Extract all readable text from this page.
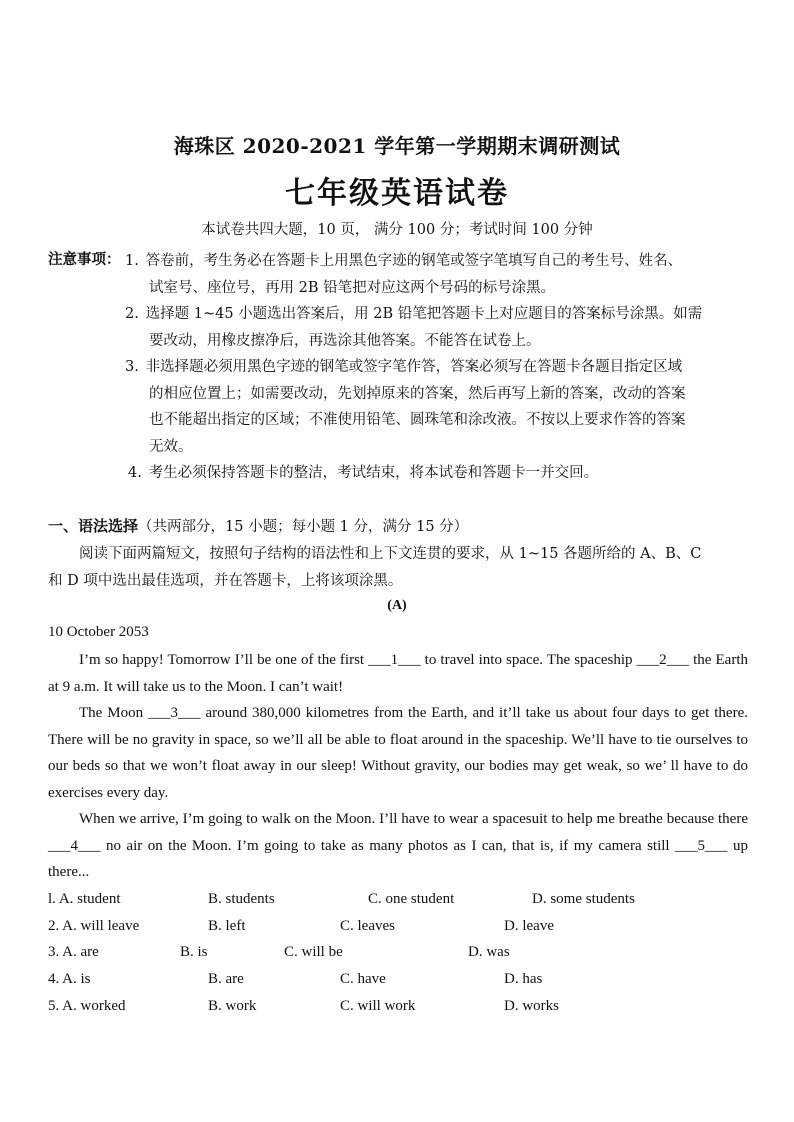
海珠区 2020-2021 学年第一学期期末调研测试
七年级英语试卷
本试卷共四大题，10 页， 满分 100 分；考试时间 100 分钟
注意事项： 1. 答卷前，考生务必在答题卡上用黑色字迹的钢笔或签字笔填写自己的考生号、姓名、
试室号、座位号，再用 2B 铅笔把对应这两个号码的标号涂黑。
2. 选择题 1~45 小题选出答案后，用 2B 铅笔把答题卡上对应题目的答案标号涂黑。如需
要改动，用橡皮擦净后，再选涂其他答案。不能答在试卷上。
3. 非选择题必须用黑色字迹的钢笔或签字笔作答，答案必须写在答题卡各题目指定区域
的相应位置上；如需要改动，先划掉原来的答案，然后再写上新的答案，改动的答案
也不能超出指定的区域；不准使用铅笔、圆珠笔和涂改液。不按以上要求作答的答案
无效。
4. 考生必须保持答题卡的整洁，考试结束，将本试卷和答题卡一并交回。
一、语法选择（共两部分，15 小题；每小题 1 分，满分 15 分）
阅读下面两篇短文，按照句子结构的语法性和上下文连贯的要求，从 1~15 各题所给的 A、B、C
和 D 项中选出最佳选项，并在答题卡，上将该项涂黑。
(A)
10 October 2053
I’m so happy! Tomorrow I’ll be one of the first ___1___ to travel into space. The spaceship ___2___ the Earth at 9 a.m. It will take us to the Moon. I can’t wait!
The Moon ___3___ around 380,000 kilometres from the Earth, and it’ll take us about four days to get there. There will be no gravity in space, so we’ll all be able to float around in the spaceship. We’ll have to tie ourselves to our beds so that we won’t float away in our sleep! Without gravity, our bodies may get weak, so we’ ll have to do exercises every day.
When we arrive, I’m going to walk on the Moon. I’ll have to wear a spacesuit to help me breathe because there ___4___ no air on the Moon. I’m going to take as many photos as I can, that is, if my camera still ___5___ up there...
l. A. student	B. students	C. one student	D. some students
2. A. will leave	B. left	C. leaves	D. leave
3. A. are	B. is	C. will be	D. was
4. A. is	B. are	C. have	D. has
5. A. worked	B. work	C. will work	D. works
